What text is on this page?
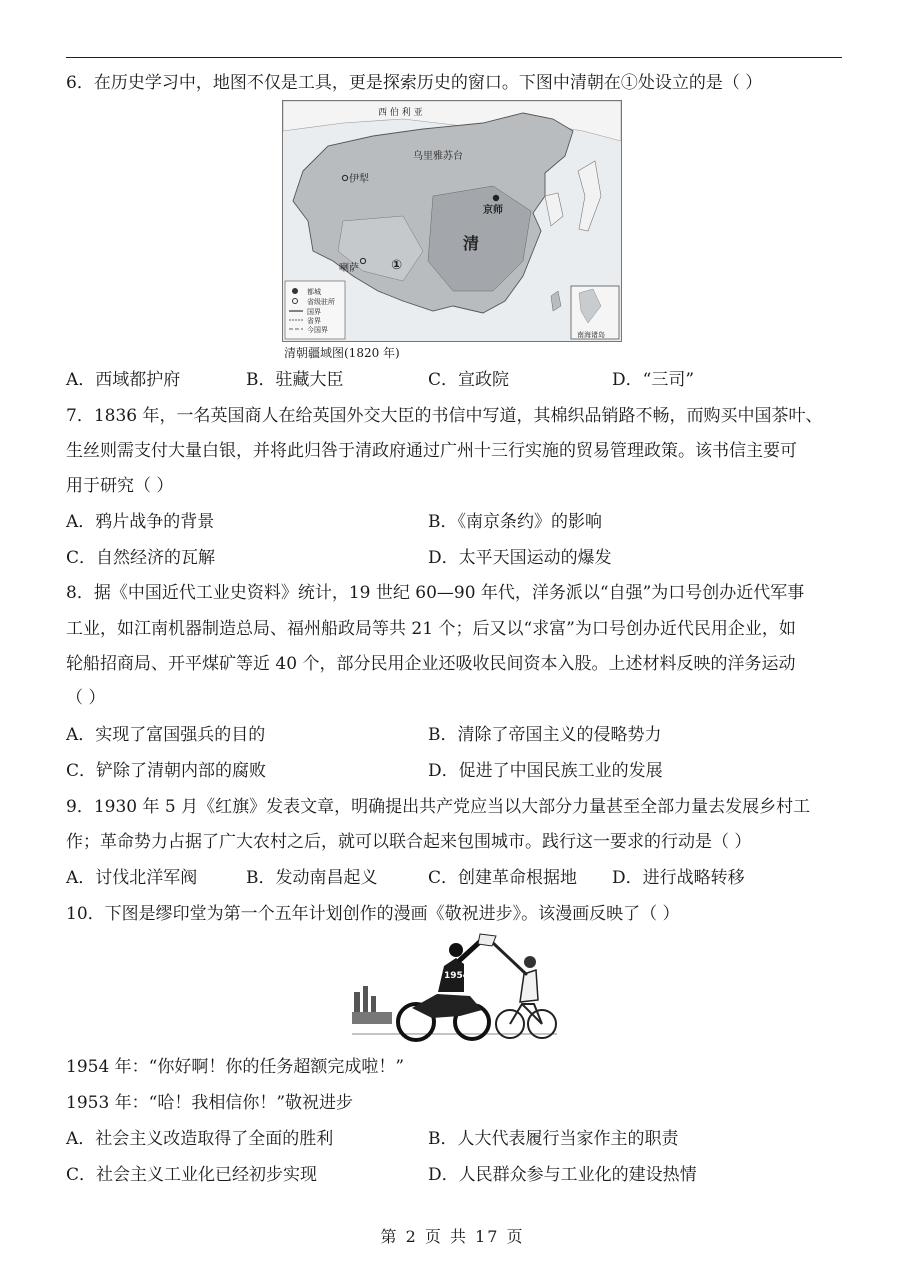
6．在历史学习中，地图不仅是工具，更是探索历史的窗口。下图中清朝在①处设立的是（ ）
西 伯 利 亚
乌里雅苏台
伊犁
京师
清
喇萨 ①
都城
省级驻所
国界
省界
今国界
南海诸岛
清朝疆域图(1820 年)
A．西域都护府	B．驻藏大臣	C．宣政院	D．“三司”
7．1836 年，一名英国商人在给英国外交大臣的书信中写道，其棉织品销路不畅，而购买中国茶叶、
生丝则需支付大量白银，并将此归咎于清政府通过广州十三行实施的贸易管理政策。该书信主要可
用于研究（ ）
A．鸦片战争的背景	B．《南京条约》的影响
C．自然经济的瓦解	D．太平天国运动的爆发
8．据《中国近代工业史资料》统计，19 世纪 60—90 年代，洋务派以“自强”为口号创办近代军事
工业，如江南机器制造总局、福州船政局等共 21 个；后又以“求富”为口号创办近代民用企业，如
轮船招商局、开平煤矿等近 40 个，部分民用企业还吸收民间资本入股。上述材料反映的洋务运动
（ ）
A．实现了富国强兵的目的	B．清除了帝国主义的侵略势力
C．铲除了清朝内部的腐败	D．促进了中国民族工业的发展
9．1930 年 5 月《红旗》发表文章，明确提出共产党应当以大部分力量甚至全部力量去发展乡村工
作；革命势力占据了广大农村之后，就可以联合起来包围城市。践行这一要求的行动是（ ）
A．讨伐北洋军阀	B．发动南昌起义	C．创建革命根据地 D．进行战略转移
10．下图是缪印堂为第一个五年计划创作的漫画《敬祝进步》。该漫画反映了（ ）
1954
1954 年：“你好啊！你的任务超额完成啦！”
1953 年：“哈！我相信你！”敬祝进步
A．社会主义改造取得了全面的胜利	B．人大代表履行当家作主的职责
C．社会主义工业化已经初步实现	D．人民群众参与工业化的建设热情
第 2 页 共 17 页
